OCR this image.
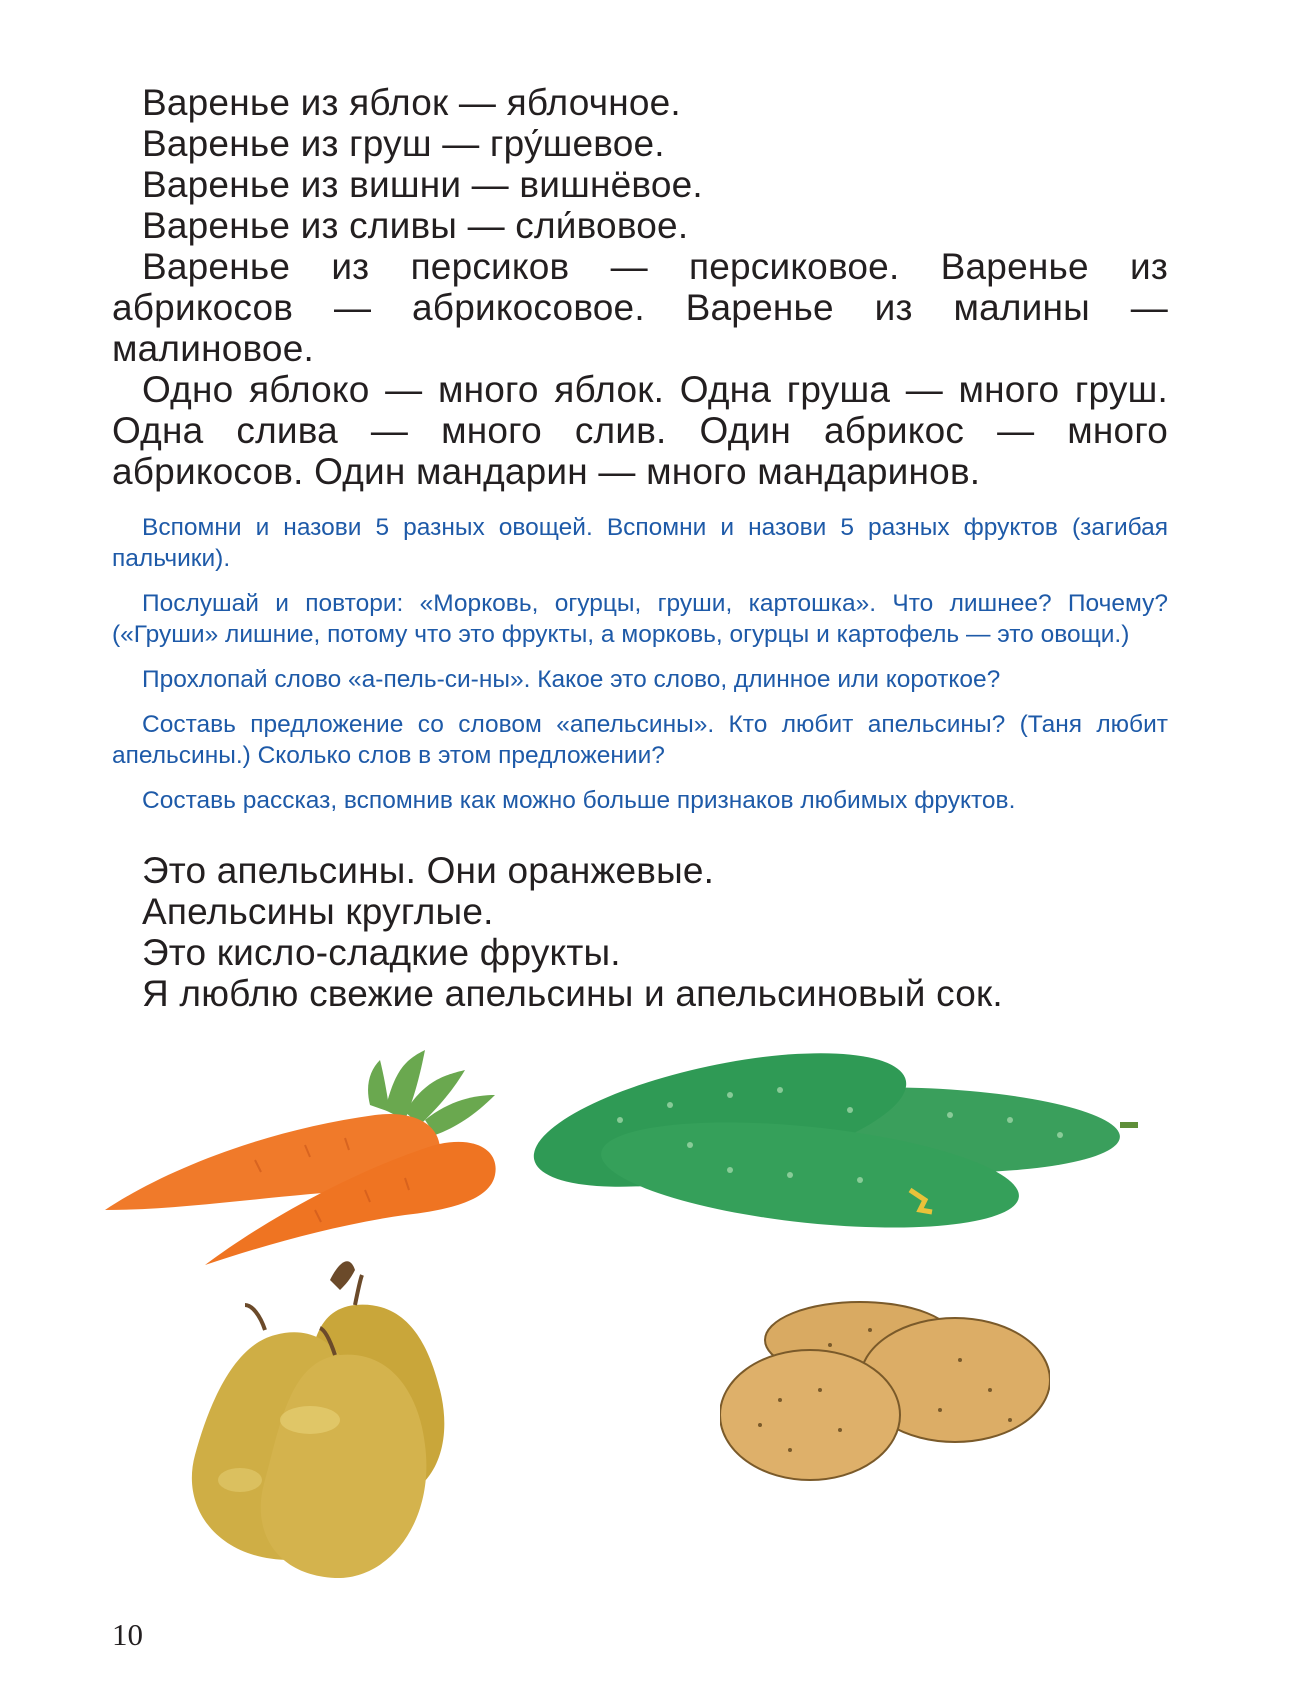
Варенье из яблок — яблочное.

Варенье из груш — гру́шевое.

Варенье из вишни — вишнёвое.

Варенье из сливы — сли́вовое.

Варенье из персиков — персиковое. Варенье из абрикосов — абрикосовое. Варенье из малины — малиновое.

Одно яблоко — много яблок. Одна груша — много груш. Одна слива — много слив. Один абрикос — много абрикосов. Один мандарин — много мандаринов.

Вспомни и назови 5 разных овощей. Вспомни и назови 5 разных фруктов (загибая пальчики).

Послушай и повтори: «Морковь, огурцы, груши, картошка». Что лишнее? Почему? («Груши» лишние, потому что это фрукты, а морковь, огурцы и картофель — это овощи.)

Прохлопай слово «а-пель-си-ны». Какое это слово, длинное или короткое?

Составь предложение со словом «апельсины». Кто любит апельсины? (Таня любит апельсины.) Сколько слов в этом предложении?

Составь рассказ, вспомнив как можно больше признаков любимых фруктов.

Это апельсины. Они оранжевые.

Апельсины круглые.

Это кисло-сладкие фрукты.

Я люблю свежие апельсины и апельсиновый сок.

10
